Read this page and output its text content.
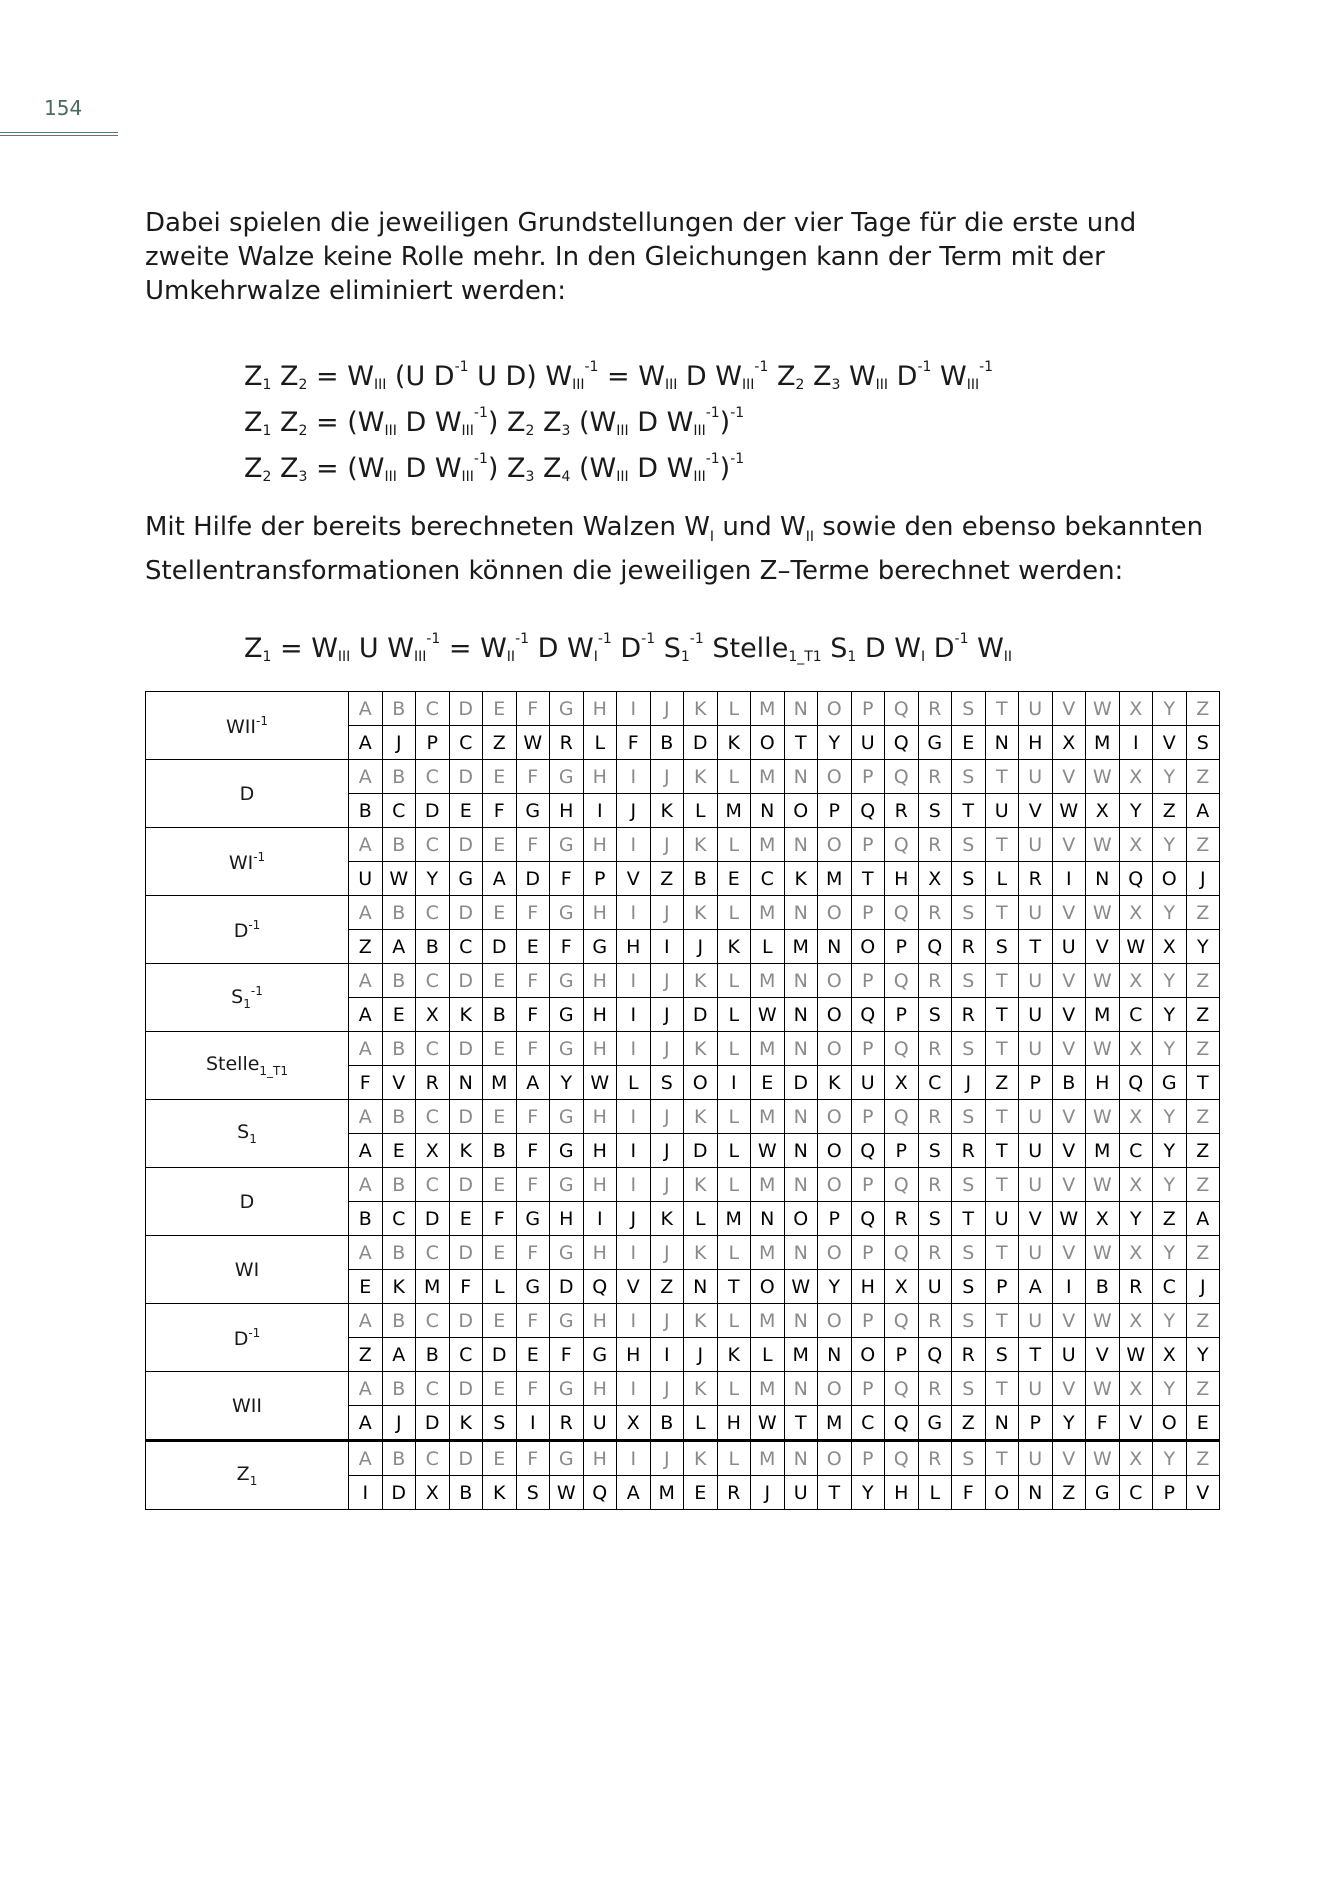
154

Dabei spielen die jeweiligen Grundstellungen der vier Tage für die erste und zweite Walze keine Rolle mehr. In den Gleichungen kann der Term mit der Umkehrwalze eliminiert werden:

$Z_1$ $Z_2 = W_{III}$ (U $D^{-1}$ U D) $W_{III}^{-1} = W_{III}$ D $W_{III}^{-1}$ $Z_2$ $Z_3$ $W_{III}$ $D^{-1}$ $W_{III}^{-1}$
$Z_1$ $Z_2 = (W_{III}$ D $W_{III}^{-1}$) $Z_2$ $Z_3$ ($W_{III}$ D $W_{III}^{-1})^{-1}$
$Z_2$ $Z_3 = (W_{III}$ D $W_{III}^{-1}$) $Z_3$ $Z_4$ ($W_{III}$ D $W_{III}^{-1})^{-1}$

Mit Hilfe der bereits berechneten Walzen $W_I$ und $W_{II}$ sowie den ebenso bekannten Stellentransformationen können die jeweiligen Z–Terme berechnet werden:

$Z_1 = W_{III}$ U $W_{III}^{-1} = W_{II}^{-1}$ D $W_I^{-1}$ $D^{-1}$ $S_1^{-1}$ Stelle$_{1\_T1}$ $S_1$ D $W_I$ $D^{-1}$ $W_{II}$
$WII^{-1}$	A	B	C	D	E	F	G	H	I	J	K	L	M	N	O	P	Q	R	S	T	U	V	W	X	Y	Z
	A	J	P	C	Z	W	R	L	F	B	D	K	O	T	Y	U	Q	G	E	N	H	X	M	I	V	S
D	A	B	C	D	E	F	G	H	I	J	K	L	M	N	O	P	Q	R	S	T	U	V	W	X	Y	Z
	B	C	D	E	F	G	H	I	J	K	L	M	N	O	P	Q	R	S	T	U	V	W	X	Y	Z	A
$WI^{-1}$	A	B	C	D	E	F	G	H	I	J	K	L	M	N	O	P	Q	R	S	T	U	V	W	X	Y	Z
	U	W	Y	G	A	D	F	P	V	Z	B	E	C	K	M	T	H	X	S	L	R	I	N	Q	O	J
$D^{-1}$	A	B	C	D	E	F	G	H	I	J	K	L	M	N	O	P	Q	R	S	T	U	V	W	X	Y	Z
	Z	A	B	C	D	E	F	G	H	I	J	K	L	M	N	O	P	Q	R	S	T	U	V	W	X	Y
$S_1^{-1}$	A	B	C	D	E	F	G	H	I	J	K	L	M	N	O	P	Q	R	S	T	U	V	W	X	Y	Z
	A	E	X	K	B	F	G	H	I	J	D	L	W	N	O	Q	P	S	R	T	U	V	M	C	Y	Z
Stelle$_{1\_T1}$	A	B	C	D	E	F	G	H	I	J	K	L	M	N	O	P	Q	R	S	T	U	V	W	X	Y	Z
	F	V	R	N	M	A	Y	W	L	S	O	I	E	D	K	U	X	C	J	Z	P	B	H	Q	G	T
$S_1$	A	B	C	D	E	F	G	H	I	J	K	L	M	N	O	P	Q	R	S	T	U	V	W	X	Y	Z
	A	E	X	K	B	F	G	H	I	J	D	L	W	N	O	Q	P	S	R	T	U	V	M	C	Y	Z
D	A	B	C	D	E	F	G	H	I	J	K	L	M	N	O	P	Q	R	S	T	U	V	W	X	Y	Z
	B	C	D	E	F	G	H	I	J	K	L	M	N	O	P	Q	R	S	T	U	V	W	X	Y	Z	A
WI	A	B	C	D	E	F	G	H	I	J	K	L	M	N	O	P	Q	R	S	T	U	V	W	X	Y	Z
	E	K	M	F	L	G	D	Q	V	Z	N	T	O	W	Y	H	X	U	S	P	A	I	B	R	C	J
$D^{-1}$	A	B	C	D	E	F	G	H	I	J	K	L	M	N	O	P	Q	R	S	T	U	V	W	X	Y	Z
	Z	A	B	C	D	E	F	G	H	I	J	K	L	M	N	O	P	Q	R	S	T	U	V	W	X	Y
WII	A	B	C	D	E	F	G	H	I	J	K	L	M	N	O	P	Q	R	S	T	U	V	W	X	Y	Z
	A	J	D	K	S	I	R	U	X	B	L	H	W	T	M	C	Q	G	Z	N	P	Y	F	V	O	E
$Z_1$	A	B	C	D	E	F	G	H	I	J	K	L	M	N	O	P	Q	R	S	T	U	V	W	X	Y	Z
	I	D	X	B	K	S	W	Q	A	M	E	R	J	U	T	Y	H	L	F	O	N	Z	G	C	P	V
